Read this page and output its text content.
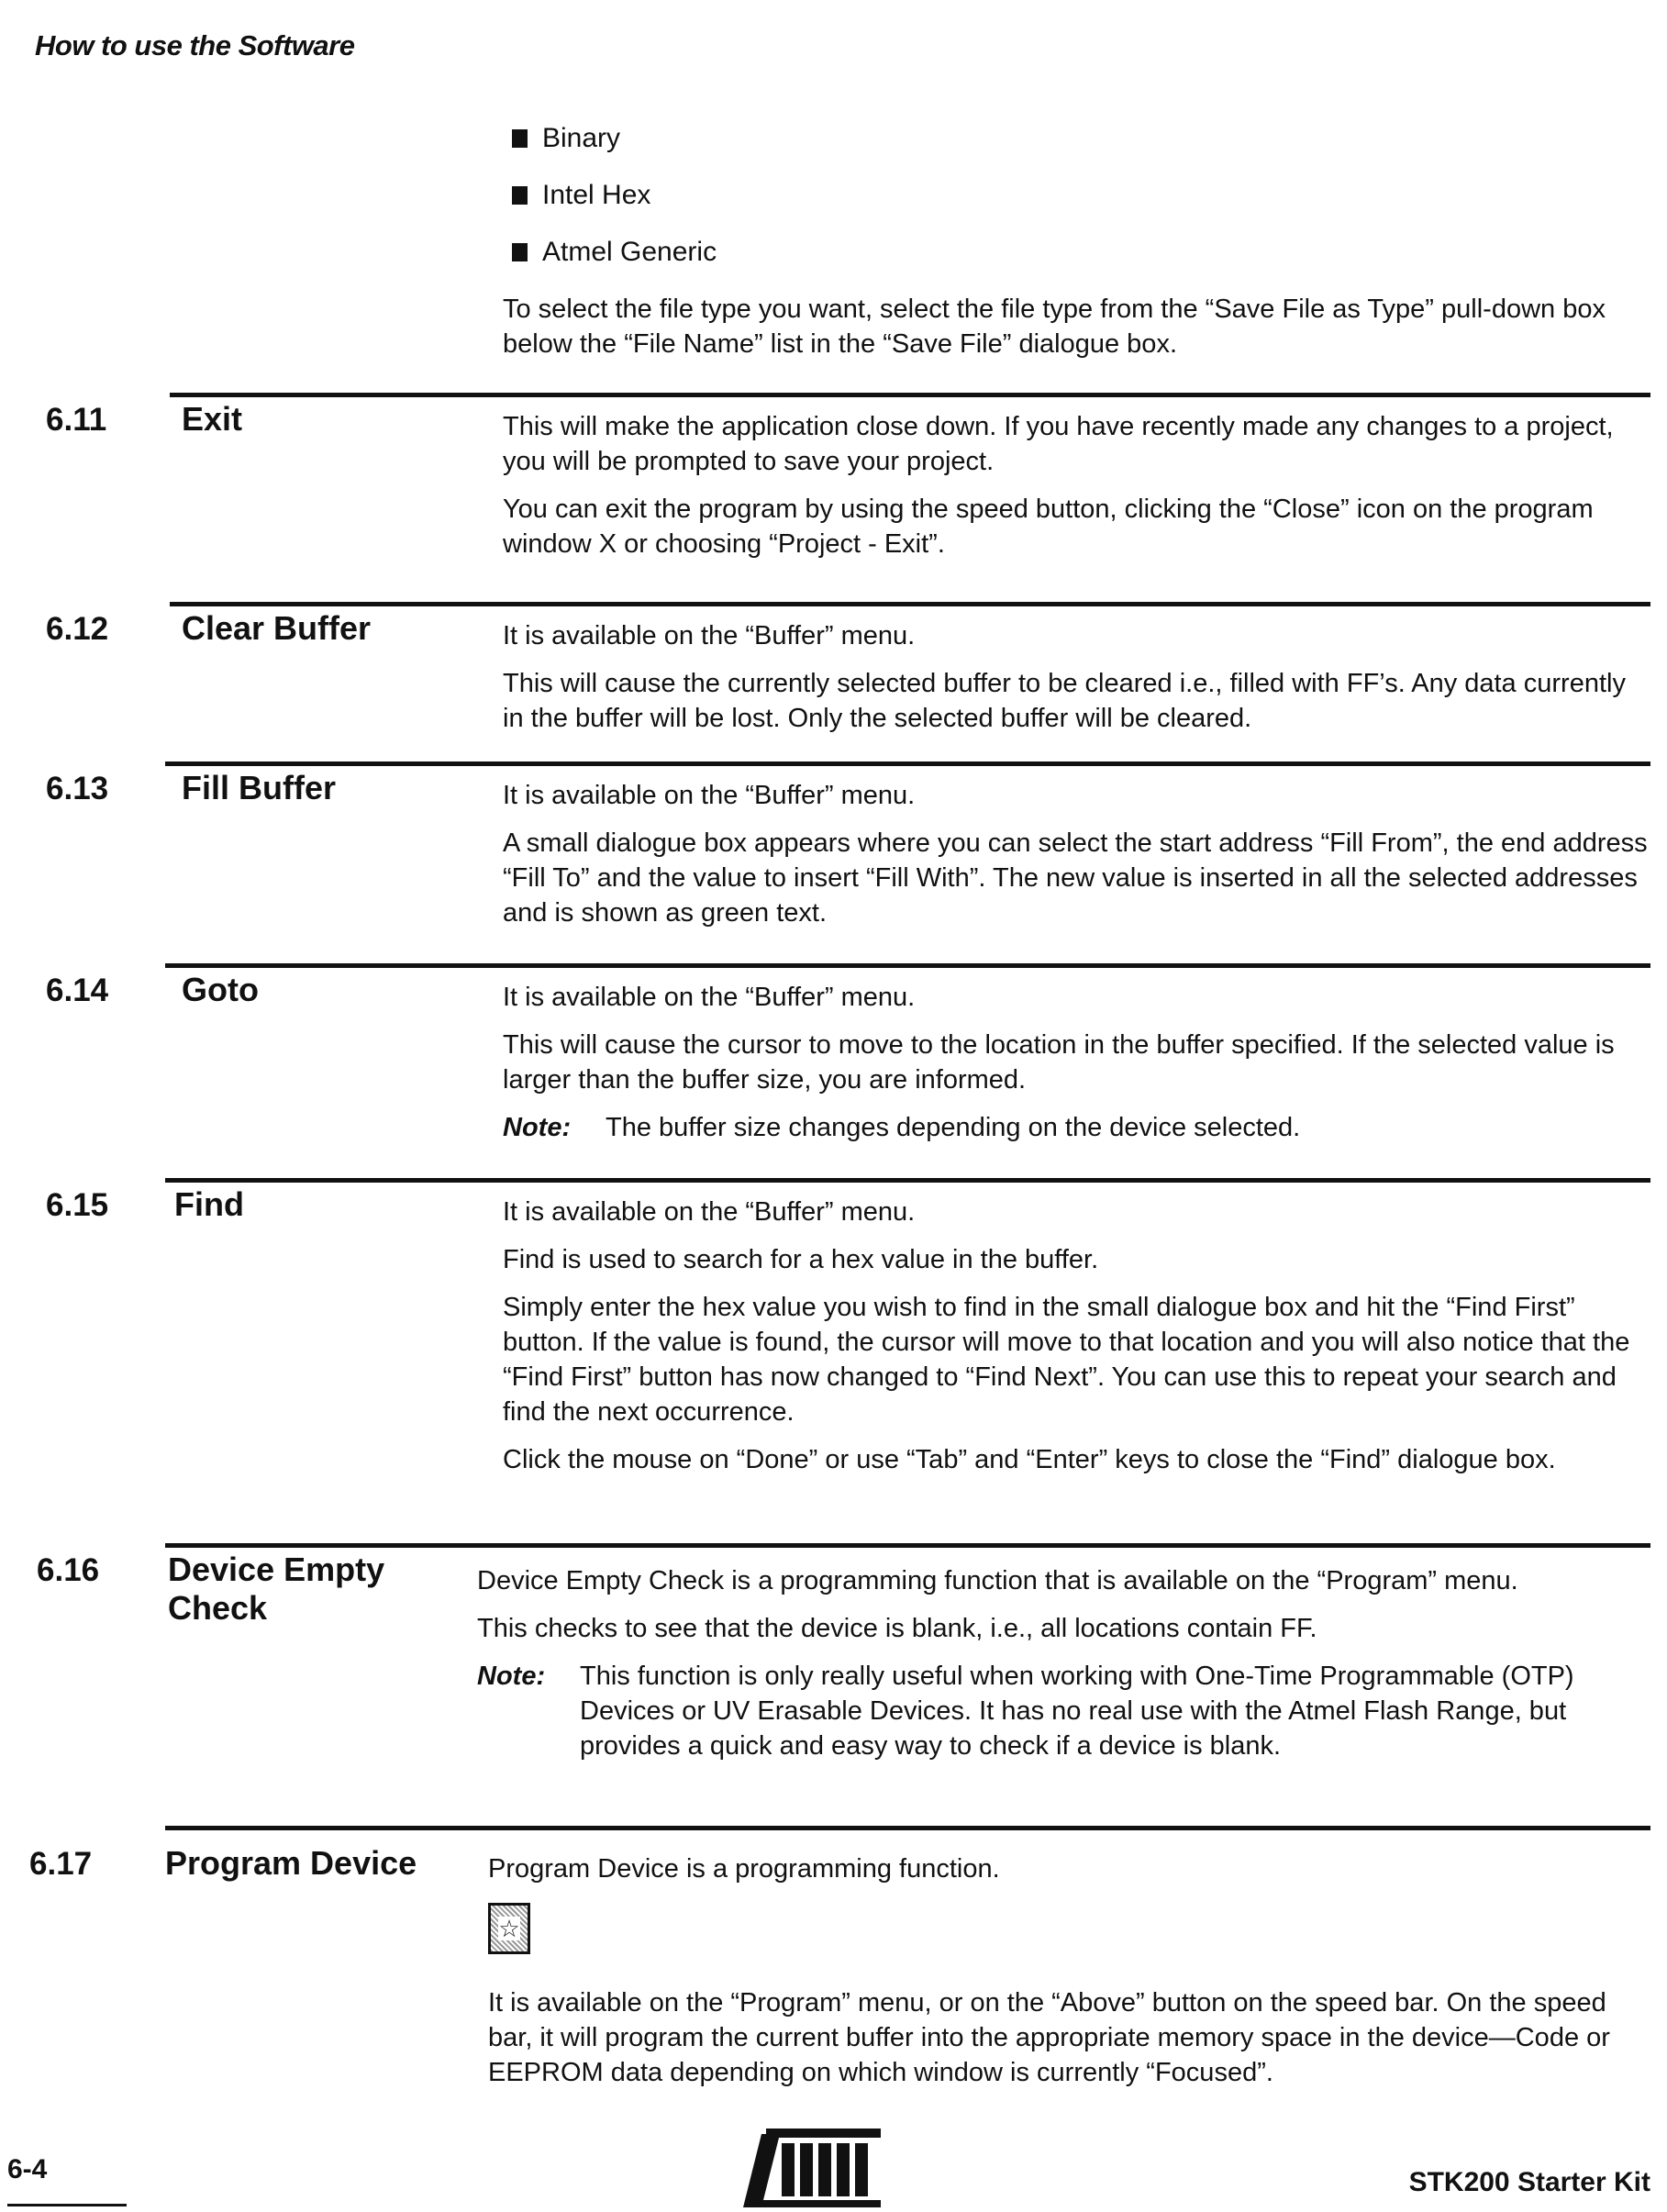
How to use the Software
Binary
Intel Hex
Atmel Generic
To select the file type you want, select the file type from the “Save File as Type” pull-down box below the “File Name” list in the “Save File” dialogue box.
6.11 Exit	This will make the application close down. If you have recently made any changes to a project, you will be prompted to save your project.

You can exit the program by using the speed button, clicking the “Close” icon on the program window X or choosing “Project - Exit”.

6.12 Clear Buffer	It is available on the “Buffer” menu.

This will cause the currently selected buffer to be cleared i.e., filled with FF’s. Any data currently in the buffer will be lost. Only the selected buffer will be cleared.

6.13 Fill Buffer	It is available on the “Buffer” menu.

A small dialogue box appears where you can select the start address “Fill From”, the end address “Fill To” and the value to insert “Fill With”. The new value is inserted in all the selected addresses and is shown as green text.

6.14 Goto	It is available on the “Buffer” menu.

This will cause the cursor to move to the location in the buffer specified. If the selected value is larger than the buffer size, you are informed.

Note:	The buffer size changes depending on the device selected.
6.15 Find	It is available on the “Buffer” menu.

Find is used to search for a hex value in the buffer.

Simply enter the hex value you wish to find in the small dialogue box and hit the “Find First” button. If the value is found, the cursor will move to that location and you will also notice that the “Find First” button has now changed to “Find Next”. You can use this to repeat your search and find the next occurrence.

Click the mouse on “Done” or use “Tab” and “Enter” keys to close the “Find” dialogue box.

6.16 Device Empty Check

Device Empty Check is a programming function that is available on the “Program” menu.

This checks to see that the device is blank, i.e., all locations contain FF.

Note:	This function is only really useful when working with One-Time Programmable (OTP) Devices or UV Erasable Devices. It has no real use with the Atmel Flash Range, but provides a quick and easy way to check if a device is blank.
6.17 Program Device	Program Device is a programming function.

☆

It is available on the “Program” menu, or on the “Above” button on the speed bar. On the speed bar, it will program the current buffer into the appropriate memory space in the device—Code or EEPROM data depending on which window is currently “Focused”.

6-4	STK200 Starter Kit
